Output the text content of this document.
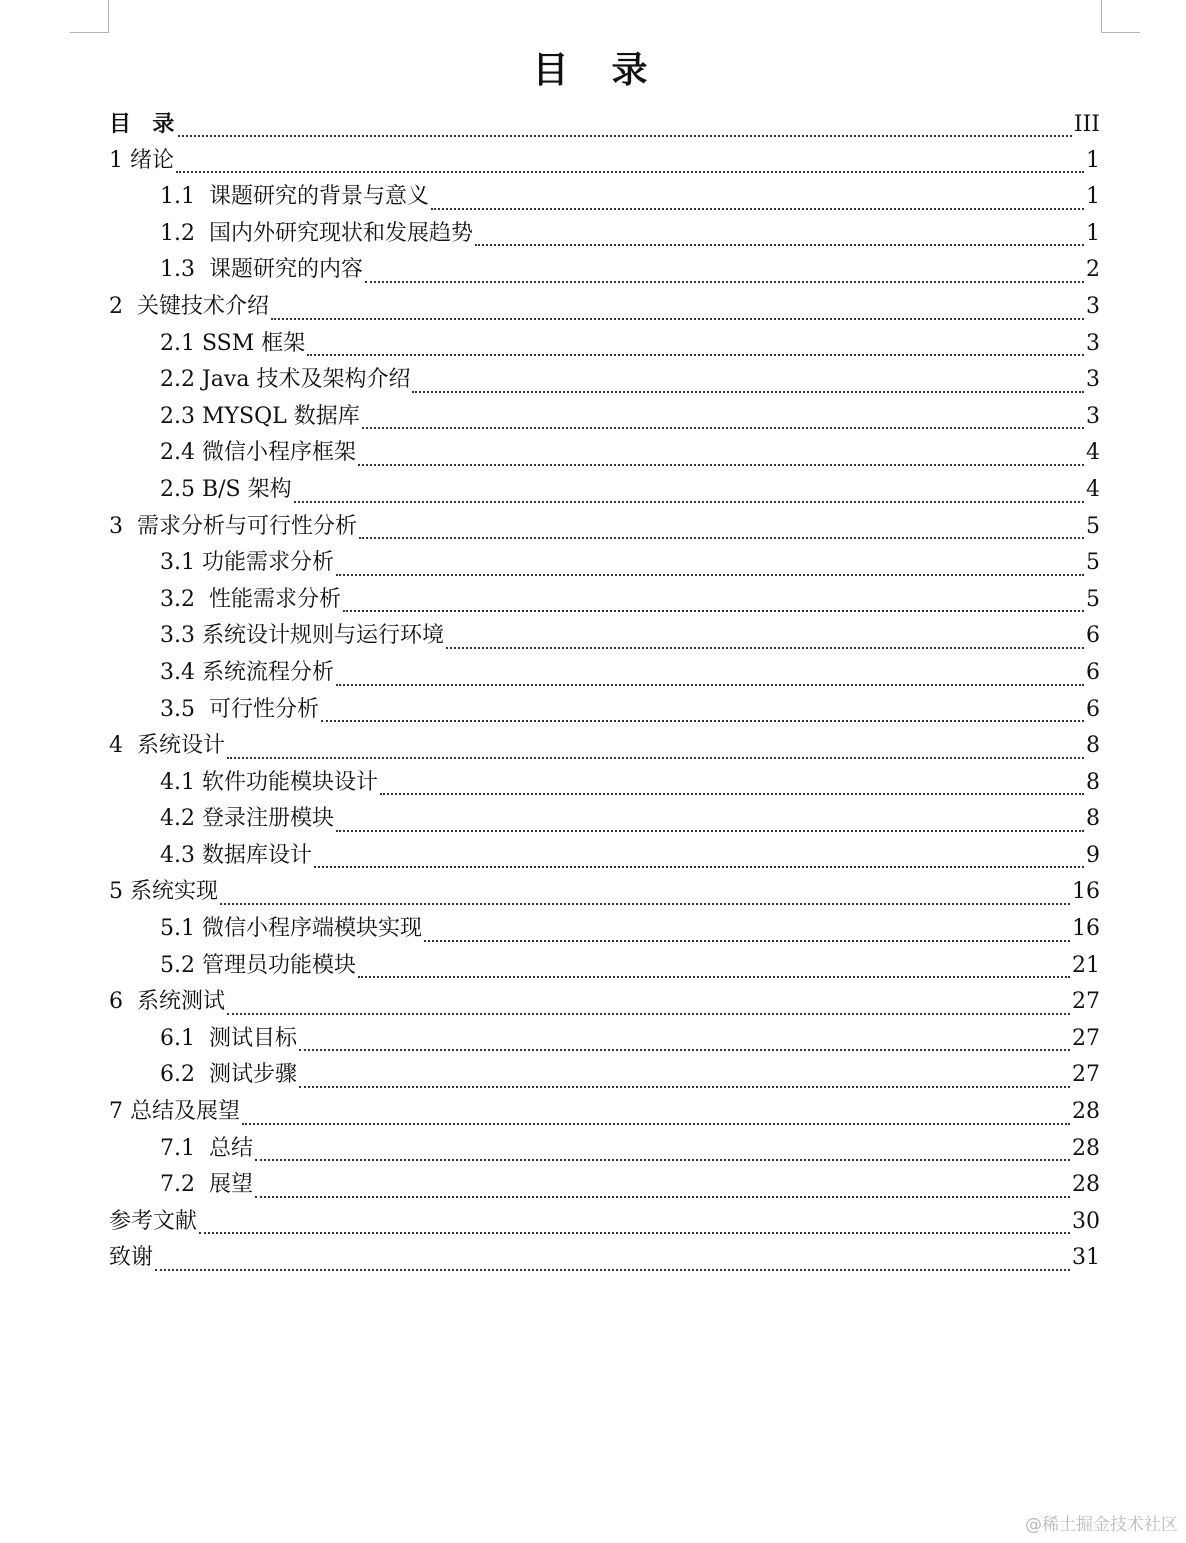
目  录
目  录	III
1 绪论	1
1.1  课题研究的背景与意义	1
1.2  国内外研究现状和发展趋势	1
1.3  课题研究的内容	2
2  关键技术介绍	3
2.1 SSM 框架	3
2.2 Java 技术及架构介绍	3
2.3 MYSQL 数据库	3
2.4 微信小程序框架	4
2.5 B/S 架构	4
3  需求分析与可行性分析	5
3.1 功能需求分析	5
3.2  性能需求分析	5
3.3 系统设计规则与运行环境	6
3.4 系统流程分析	6
3.5  可行性分析	6
4  系统设计	8
4.1 软件功能模块设计	8
4.2 登录注册模块	8
4.3 数据库设计	9
5 系统实现	16
5.1 微信小程序端模块实现	16
5.2 管理员功能模块	21
6  系统测试	27
6.1  测试目标	27
6.2  测试步骤	27
7 总结及展望	28
7.1  总结	28
7.2  展望	28
参考文献	30
致谢	31
@稀土掘金技术社区
